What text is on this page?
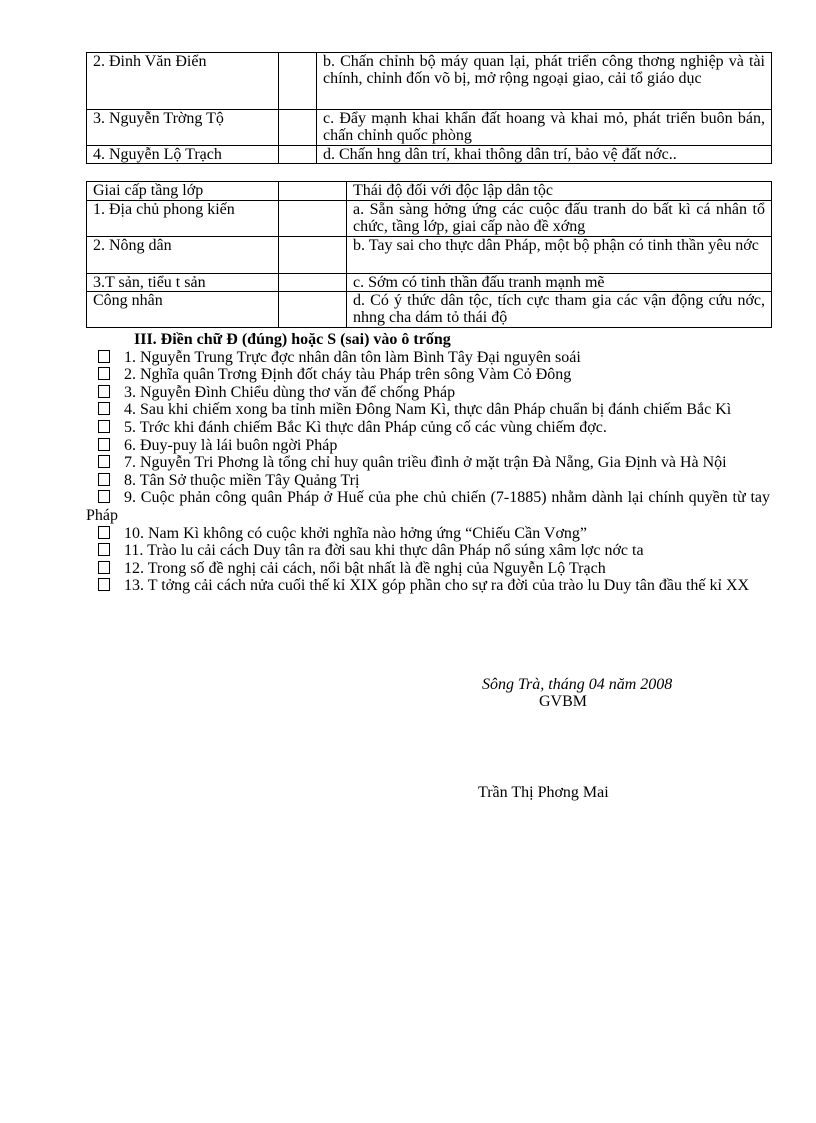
2. Đinh Văn Điển		b. Chấn chỉnh bộ máy quan lại, phát triển công thơng nghiệp và tài chính, chỉnh đốn võ bị, mở rộng ngoại giao, cải tổ giáo dục
3. Nguyễn Trờng Tộ		c. Đẩy mạnh khai khẩn đất hoang và khai mỏ, phát triển buôn bán, chấn chỉnh quốc phòng
4. Nguyễn Lộ Trạch		d. Chấn hng dân trí, khai thông dân trí, bảo vệ đất nớc..
Giai cấp tầng lớp		Thái độ đối với độc lập dân tộc
1. Địa chủ phong kiến		a. Sẵn sàng hởng ứng các cuộc đấu tranh do bất kì cá nhân tổ chức, tầng lớp, giai cấp nào đề xớng
2. Nông dân		b. Tay sai cho thực dân Pháp, một bộ phận có tinh thần yêu nớc
3.T sản, tiểu t sản		c. Sớm có tinh thần đấu tranh mạnh mẽ
Công nhân		d. Có ý thức dân tộc, tích cực tham gia các vận động cứu nớc, nhng cha dám tỏ thái độ
III. Điền chữ Đ (đúng) hoặc S (sai) vào ô trống
1. Nguyễn Trung Trực đợc nhân dân tôn làm Bình Tây Đại nguyên soái
2. Nghĩa quân Trơng Định đốt cháy tàu Pháp trên sông Vàm Cỏ Đông
3. Nguyễn Đình Chiểu dùng thơ văn để chống Pháp
4. Sau khi chiếm xong ba tỉnh miền Đông Nam Kì, thực dân Pháp chuẩn bị đánh chiếm Bắc Kì
5. Trớc khi đánh chiếm Bắc Kì thực dân Pháp củng cố các vùng chiếm đợc.
6. Đuy-puy là lái buôn ngời Pháp
7. Nguyễn Tri Phơng là tổng chỉ huy quân triều đình ở mặt trận Đà Nẵng, Gia Định và Hà Nội
8. Tân Sở thuộc miền Tây Quảng Trị
9. Cuộc phản công quân Pháp ở Huế của phe chủ chiến (7-1885) nhằm dành lại chính quyền từ tay Pháp
10. Nam Kì không có cuộc khởi nghĩa nào hởng ứng “Chiếu Cần Vơng”
11. Trào lu cải cách Duy tân ra đời sau khi thực dân Pháp nổ súng xâm lợc nớc ta
12. Trong số đề nghị cải cách, nổi bật nhất là đề nghị của Nguyễn Lộ Trạch
13. T tởng cải cách nửa cuối thế kỉ XIX góp phần cho sự ra đời của trào lu Duy tân đầu thế kỉ XX
Sông Trà, tháng 04 năm 2008
GVBM
Trần Thị Phơng Mai
